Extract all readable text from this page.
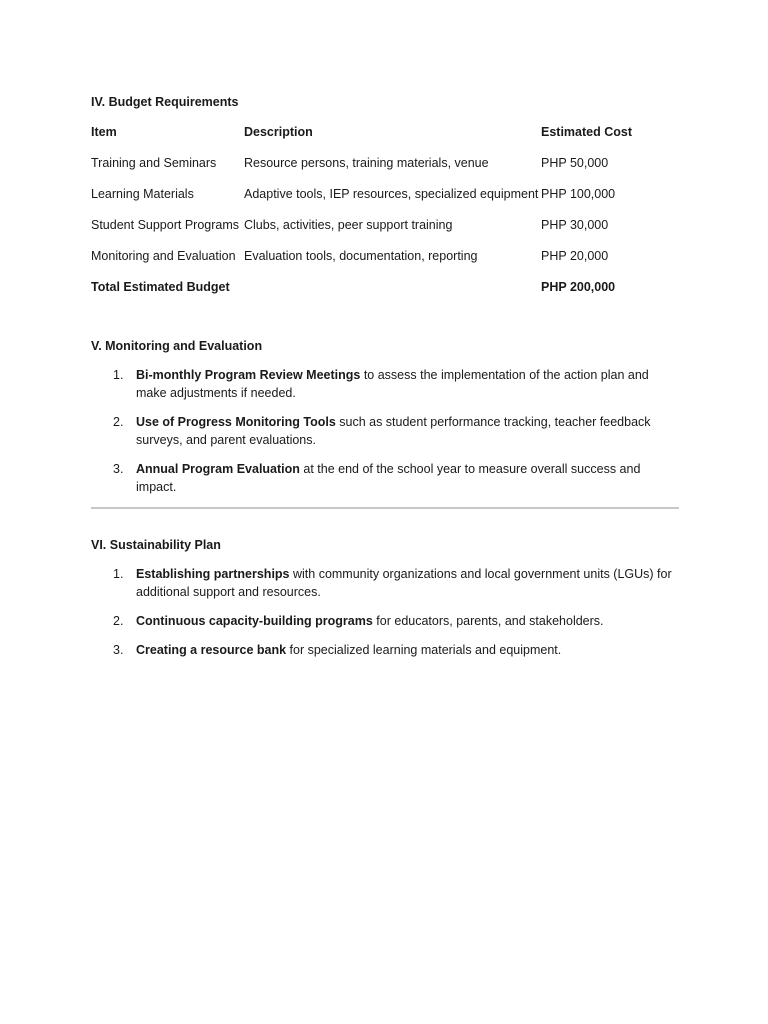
IV. Budget Requirements

Item	Description	Estimated Cost
Training and Seminars	Resource persons, training materials, venue	PHP 50,000
Learning Materials	Adaptive tools, IEP resources, specialized equipment	PHP 100,000
Student Support Programs	Clubs, activities, peer support training	PHP 30,000
Monitoring and Evaluation	Evaluation tools, documentation, reporting	PHP 20,000
Total Estimated Budget		PHP 200,000

V. Monitoring and Evaluation

1. Bi-monthly Program Review Meetings to assess the implementation of the action plan and make adjustments if needed.
2. Use of Progress Monitoring Tools such as student performance tracking, teacher feedback surveys, and parent evaluations.
3. Annual Program Evaluation at the end of the school year to measure overall success and impact.

VI. Sustainability Plan

1. Establishing partnerships with community organizations and local government units (LGUs) for additional support and resources.
2. Continuous capacity-building programs for educators, parents, and stakeholders.
3. Creating a resource bank for specialized learning materials and equipment.
